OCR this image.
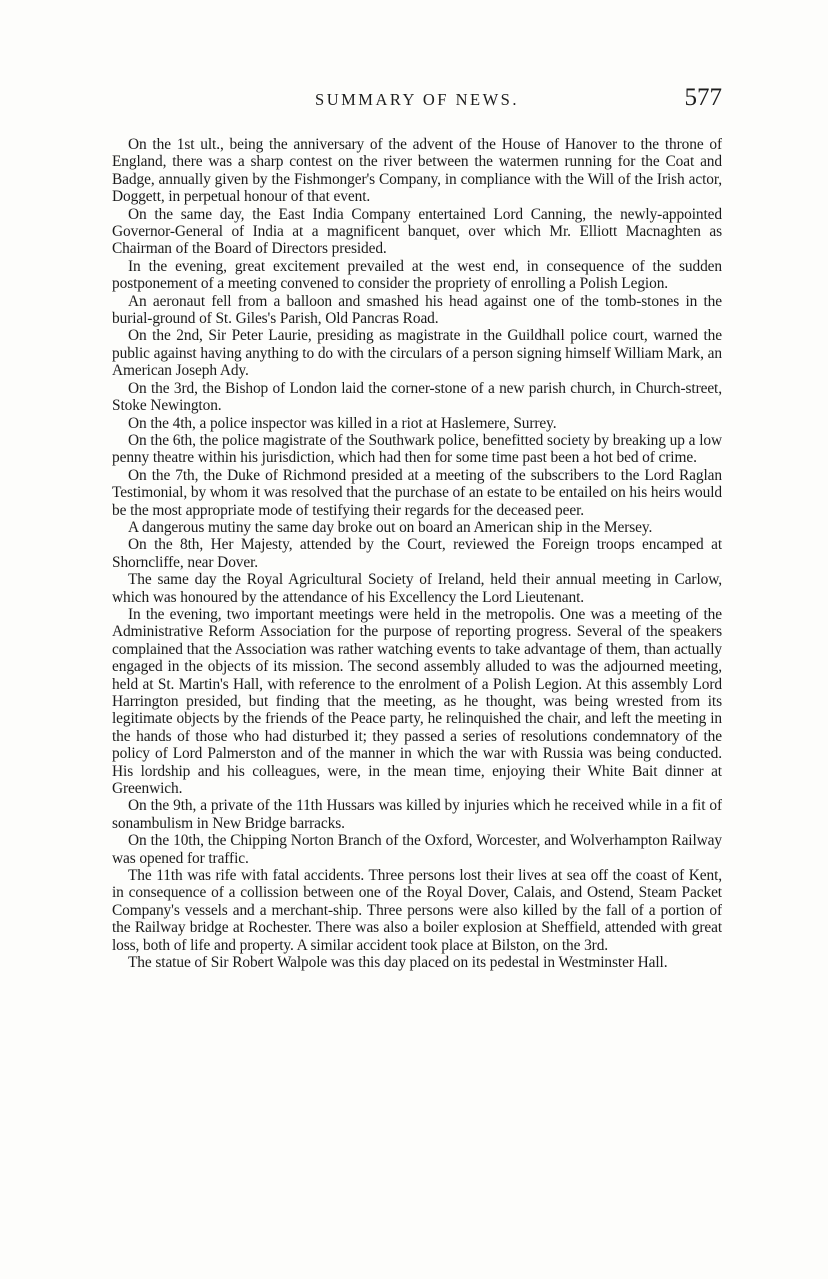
SUMMARY OF NEWS.	577

On the 1st ult., being the anniversary of the advent of the House of Hanover to the throne of England, there was a sharp contest on the river between the watermen running for the Coat and Badge, annually given by the Fishmonger's Company, in compliance with the Will of the Irish actor, Doggett, in perpetual honour of that event.

On the same day, the East India Company entertained Lord Canning, the newly-appointed Governor-General of India at a magnificent banquet, over which Mr. Elliott Macnaghten as Chairman of the Board of Directors presided.

In the evening, great excitement prevailed at the west end, in consequence of the sudden postponement of a meeting convened to consider the propriety of enrolling a Polish Legion.

An aeronaut fell from a balloon and smashed his head against one of the tomb-stones in the burial-ground of St. Giles's Parish, Old Pancras Road.

On the 2nd, Sir Peter Laurie, presiding as magistrate in the Guildhall police court, warned the public against having anything to do with the circulars of a person signing himself William Mark, an American Joseph Ady.

On the 3rd, the Bishop of London laid the corner-stone of a new parish church, in Church-street, Stoke Newington.

On the 4th, a police inspector was killed in a riot at Haslemere, Surrey.

On the 6th, the police magistrate of the Southwark police, benefitted society by breaking up a low penny theatre within his jurisdiction, which had then for some time past been a hot bed of crime.

On the 7th, the Duke of Richmond presided at a meeting of the subscribers to the Lord Raglan Testimonial, by whom it was resolved that the purchase of an estate to be entailed on his heirs would be the most appropriate mode of testifying their regards for the deceased peer.

A dangerous mutiny the same day broke out on board an American ship in the Mersey.

On the 8th, Her Majesty, attended by the Court, reviewed the Foreign troops encamped at Shorncliffe, near Dover.

The same day the Royal Agricultural Society of Ireland, held their annual meeting in Carlow, which was honoured by the attendance of his Excellency the Lord Lieutenant.

In the evening, two important meetings were held in the metropolis. One was a meeting of the Administrative Reform Association for the purpose of reporting progress. Several of the speakers complained that the Association was rather watching events to take advantage of them, than actually engaged in the objects of its mission. The second assembly alluded to was the adjourned meeting, held at St. Martin's Hall, with reference to the enrolment of a Polish Legion. At this assembly Lord Harrington presided, but finding that the meeting, as he thought, was being wrested from its legitimate objects by the friends of the Peace party, he relinquished the chair, and left the meeting in the hands of those who had disturbed it; they passed a series of resolutions condemnatory of the policy of Lord Palmerston and of the manner in which the war with Russia was being conducted. His lordship and his colleagues, were, in the mean time, enjoying their White Bait dinner at Greenwich.

On the 9th, a private of the 11th Hussars was killed by injuries which he received while in a fit of sonambulism in New Bridge barracks.

On the 10th, the Chipping Norton Branch of the Oxford, Worcester, and Wolverhampton Railway was opened for traffic.

The 11th was rife with fatal accidents. Three persons lost their lives at sea off the coast of Kent, in consequence of a collission between one of the Royal Dover, Calais, and Ostend, Steam Packet Company's vessels and a merchant-ship. Three persons were also killed by the fall of a portion of the Railway bridge at Rochester. There was also a boiler explosion at Sheffield, attended with great loss, both of life and property. A similar accident took place at Bilston, on the 3rd.

The statue of Sir Robert Walpole was this day placed on its pedestal in Westminster Hall.
